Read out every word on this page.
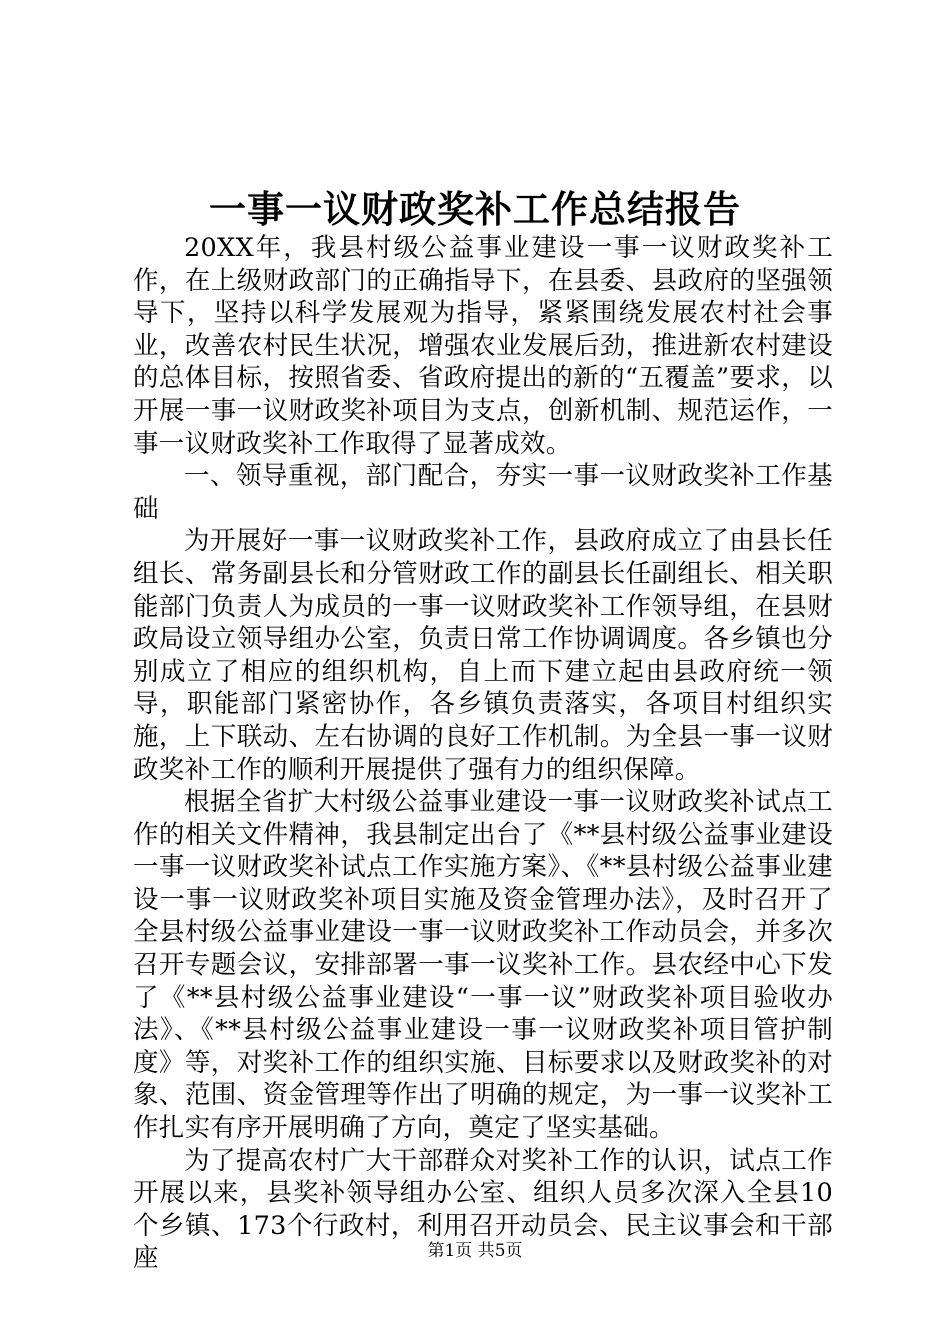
一事一议财政奖补工作总结报告

20XX年，我县村级公益事业建设一事一议财政奖补工作，在上级财政部门的正确指导下，在县委、县政府的坚强领导下，坚持以科学发展观为指导，紧紧围绕发展农村社会事业，改善农村民生状况，增强农业发展后劲，推进新农村建设的总体目标，按照省委、省政府提出的新的“五覆盖”要求，以开展一事一议财政奖补项目为支点，创新机制、规范运作，一事一议财政奖补工作取得了显著成效。

一、领导重视，部门配合，夯实一事一议财政奖补工作基础

为开展好一事一议财政奖补工作，县政府成立了由县长任组长、常务副县长和分管财政工作的副县长任副组长、相关职能部门负责人为成员的一事一议财政奖补工作领导组，在县财政局设立领导组办公室，负责日常工作协调调度。各乡镇也分别成立了相应的组织机构，自上而下建立起由县政府统一领导，职能部门紧密协作，各乡镇负责落实，各项目村组织实施，上下联动、左右协调的良好工作机制。为全县一事一议财政奖补工作的顺利开展提供了强有力的组织保障。

根据全省扩大村级公益事业建设一事一议财政奖补试点工作的相关文件精神，我县制定出台了《**县村级公益事业建设一事一议财政奖补试点工作实施方案》、《**县村级公益事业建设一事一议财政奖补项目实施及资金管理办法》，及时召开了全县村级公益事业建设一事一议财政奖补工作动员会，并多次召开专题会议，安排部署一事一议奖补工作。县农经中心下发了《**县村级公益事业建设“一事一议”财政奖补项目验收办法》、《**县村级公益事业建设一事一议财政奖补项目管护制度》等，对奖补工作的组织实施、目标要求以及财政奖补的对象、范围、资金管理等作出了明确的规定，为一事一议奖补工作扎实有序开展明确了方向，奠定了坚实基础。

为了提高农村广大干部群众对奖补工作的认识，试点工作开展以来，县奖补领导组办公室、组织人员多次深入全县10个乡镇、173个行政村，利用召开动员会、民主议事会和干部座	第1页 共5页
